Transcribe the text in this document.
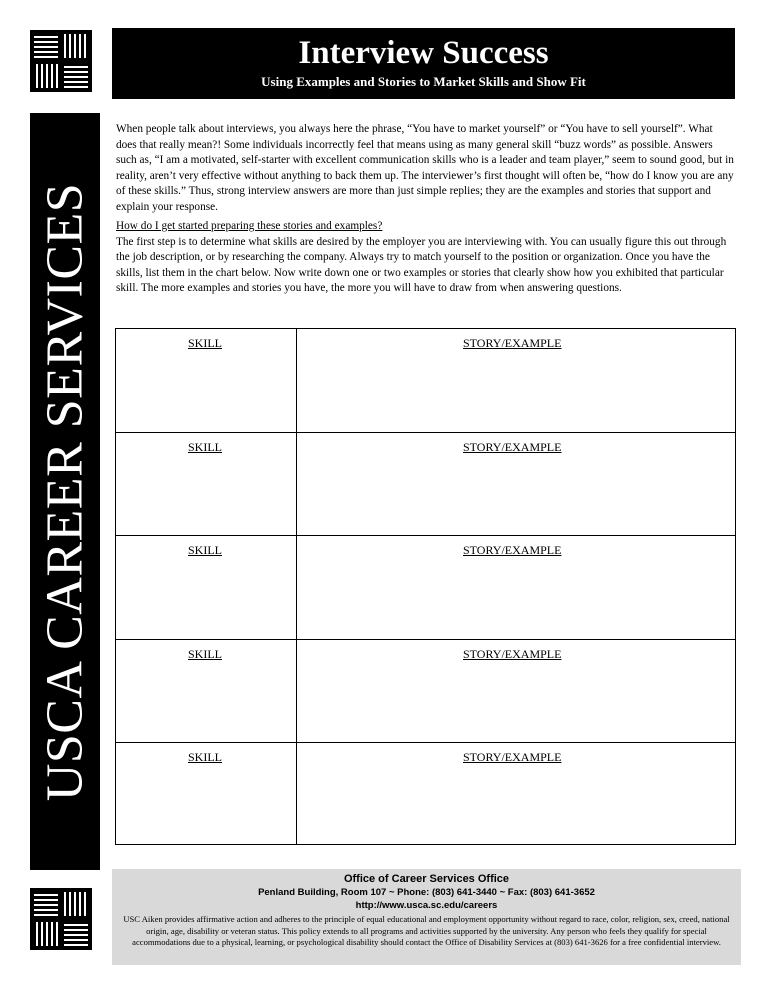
USCA CAREER SERVICES
Interview Success
Using Examples and Stories to Market Skills and Show Fit
When people talk about interviews, you always here the phrase, “You have to market yourself” or “You have to sell yourself”. What does that really mean?! Some individuals incorrectly feel that means using as many general skill “buzz words” as possible. Answers such as, “I am a motivated, self-starter with excellent communication skills who is a leader and team player,” seem to sound good, but in reality, aren’t very effective without anything to back them up. The interviewer’s first thought will often be, “how do I know you are any of these skills.” Thus, strong interview answers are more than just simple replies; they are the examples and stories that support and explain your response.
How do I get started preparing these stories and examples?
The first step is to determine what skills are desired by the employer you are interviewing with. You can usually figure this out through the job description, or by researching the company. Always try to match yourself to the position or organization. Once you have the skills, list them in the chart below. Now write down one or two examples or stories that clearly show how you exhibited that particular skill. The more examples and stories you have, the more you will have to draw from when answering questions.
SKILL	STORY/EXAMPLE
SKILL	STORY/EXAMPLE
SKILL	STORY/EXAMPLE
SKILL	STORY/EXAMPLE
SKILL	STORY/EXAMPLE
Office of Career Services Office
Penland Building, Room 107 ~ Phone: (803) 641-3440 ~ Fax: (803) 641-3652
http://www.usca.sc.edu/careers
USC Aiken provides affirmative action and adheres to the principle of equal educational and employment opportunity without regard to race, color, religion, sex, creed, national origin, age, disability or veteran status. This policy extends to all programs and activities supported by the university. Any person who feels they qualify for special accommodations due to a physical, learning, or psychological disability should contact the Office of Disability Services at (803) 641-3626 for a free confidential interview.
